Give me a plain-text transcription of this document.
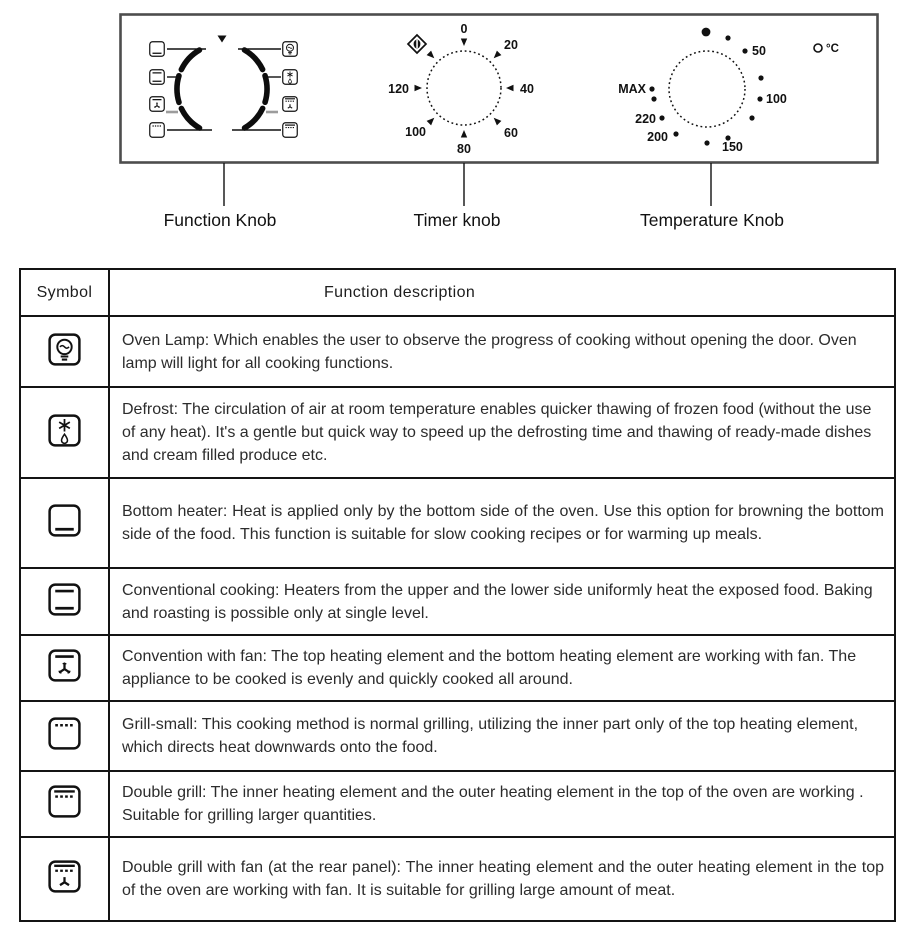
Function Knob
0
20
40
60
80
100
120
Timer knob
50
100
150
200
220
MAX
°C
Temperature Knob
Symbol	Function description
	Oven Lamp: Which enables the user to observe the progress of cooking without opening the door. Oven lamp will light for all cooking functions.
	Defrost: The circulation of air at room temperature enables quicker thawing of frozen food (without the use of any heat). It's a gentle but quick way to speed up the defrosting time and thawing of ready-made dishes and cream filled produce etc.
	Bottom heater: Heat is applied only by the bottom side of the oven. Use this option for browning the bottom side of the food. This function is suitable for slow cooking recipes or for warming up meals.
	Conventional cooking: Heaters from the upper and the lower side uniformly heat the exposed food. Baking and roasting is possible only at single level.
	Convention with fan: The top heating element and the bottom heating element are working with fan. The appliance to be cooked is evenly and quickly cooked all around.
	Grill-small: This cooking method is normal grilling, utilizing the inner part only of the top heating element, which directs heat downwards onto the food.
	Double grill: The inner heating element and the outer heating element in the top of the oven are working . Suitable for grilling larger quantities.
	Double grill with fan (at the rear panel): The inner heating element and the outer heating element in the top of the oven are working with fan. It is suitable for grilling large amount of meat.
